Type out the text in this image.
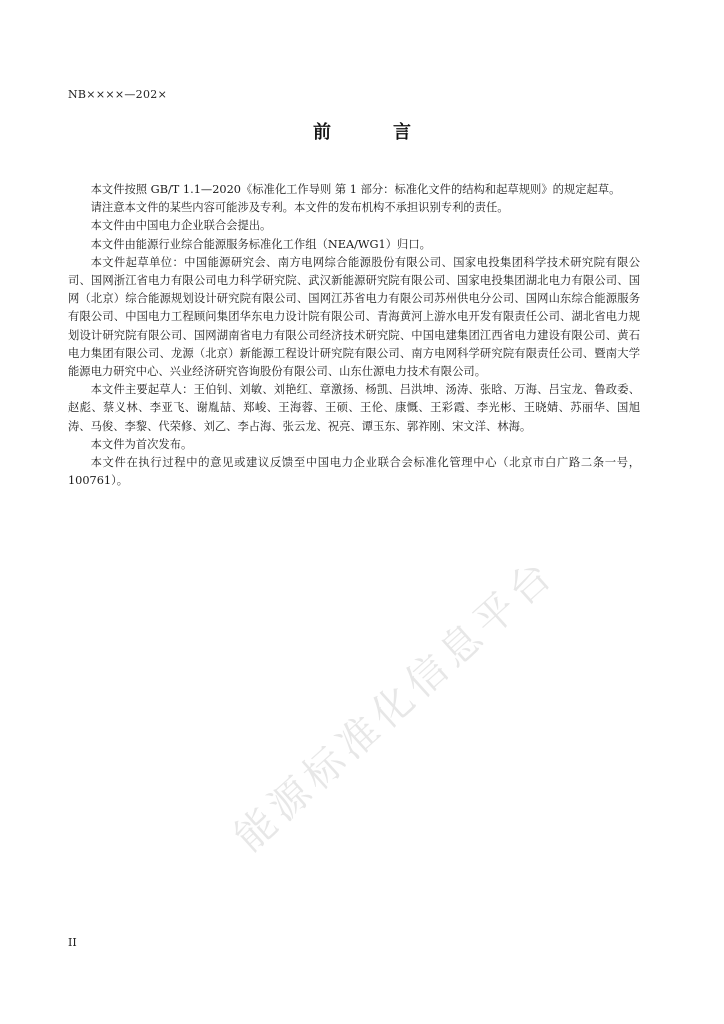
NB××××—202×
前　言

本文件按照 GB/T 1.1—2020《标准化工作导则 第 1 部分：标准化文件的结构和起草规则》的规定起草。

请注意本文件的某些内容可能涉及专利。本文件的发布机构不承担识别专利的责任。

本文件由中国电力企业联合会提出。

本文件由能源行业综合能源服务标准化工作组（NEA/WG1）归口。

本文件起草单位：中国能源研究会、南方电网综合能源股份有限公司、国家电投集团科学技术研究院有限公司、国网浙江省电力有限公司电力科学研究院、武汉新能源研究院有限公司、国家电投集团湖北电力有限公司、国网（北京）综合能源规划设计研究院有限公司、国网江苏省电力有限公司苏州供电分公司、国网山东综合能源服务有限公司、中国电力工程顾问集团华东电力设计院有限公司、青海黄河上游水电开发有限责任公司、湖北省电力规划设计研究院有限公司、国网湖南省电力有限公司经济技术研究院、中国电建集团江西省电力建设有限公司、黄石电力集团有限公司、龙源（北京）新能源工程设计研究院有限公司、南方电网科学研究院有限责任公司、暨南大学能源电力研究中心、兴业经济研究咨询股份有限公司、山东仕源电力技术有限公司。

本文件主要起草人：王伯钊、刘敏、刘艳红、章激扬、杨凯、吕洪坤、汤涛、张晗、万海、吕宝龙、鲁政委、赵彪、蔡义林、李亚飞、谢胤喆、郑峻、王海蓉、王硕、王伦、康慨、王彩霞、李光彬、王晓婧、苏丽华、国旭涛、马俊、李黎、代荣修、刘乙、李占海、张云龙、祝亮、谭玉东、郭祚刚、宋文洋、林海。

本文件为首次发布。

本文件在执行过程中的意见或建议反馈至中国电力企业联合会标准化管理中心（北京市白广路二条一号，100761）。

能源标准化信息平台
II
